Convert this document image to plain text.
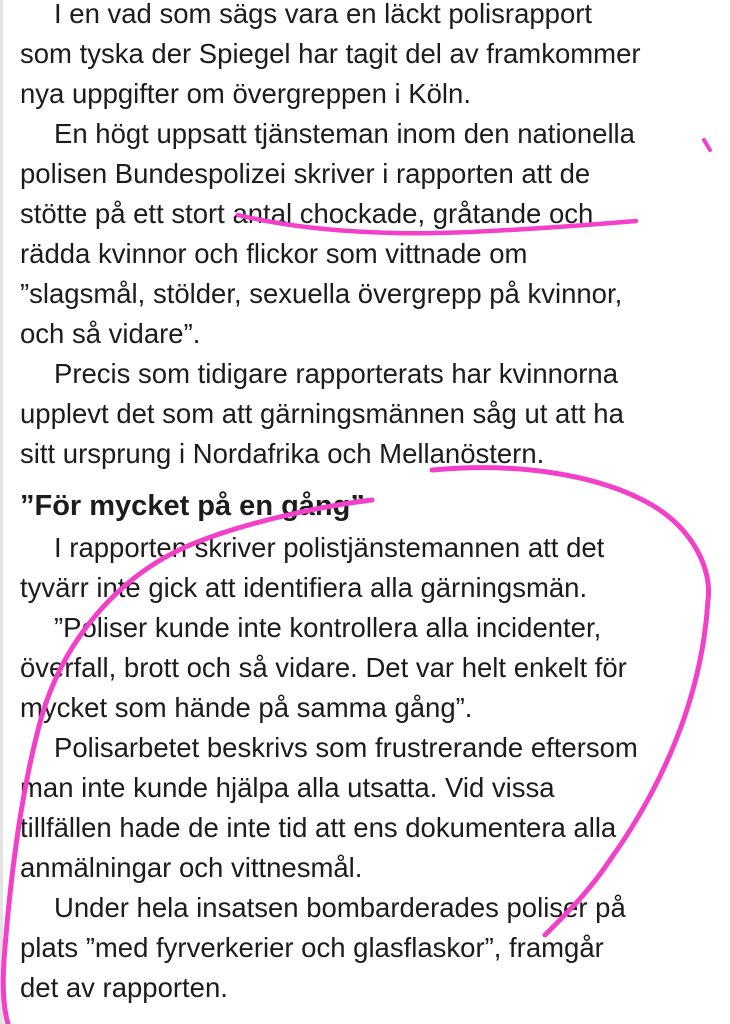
I en vad som sägs vara en läckt polisrapport
som tyska der Spiegel har tagit del av framkommer
nya uppgifter om övergreppen i Köln.

En högt uppsatt tjänsteman inom den nationella
polisen Bundespolizei skriver i rapporten att de
stötte på ett stort antal chockade, gråtande och
rädda kvinnor och flickor som vittnade om
”slagsmål, stölder, sexuella övergrepp på kvinnor,
och så vidare”.

Precis som tidigare rapporterats har kvinnorna
upplevt det som att gärningsmännen såg ut att ha
sitt ursprung i Nordafrika och Mellanöstern.

”För mycket på en gång”

I rapporten skriver polistjänstemannen att det
tyvärr inte gick att identifiera alla gärningsmän.

”Poliser kunde inte kontrollera alla incidenter,
överfall, brott och så vidare. Det var helt enkelt för
mycket som hände på samma gång”.

Polisarbetet beskrivs som frustrerande eftersom
man inte kunde hjälpa alla utsatta. Vid vissa
tillfällen hade de inte tid att ens dokumentera alla
anmälningar och vittnesmål.

Under hela insatsen bombarderades poliser på
plats ”med fyrverkerier och glasflaskor”, framgår
det av rapporten.
